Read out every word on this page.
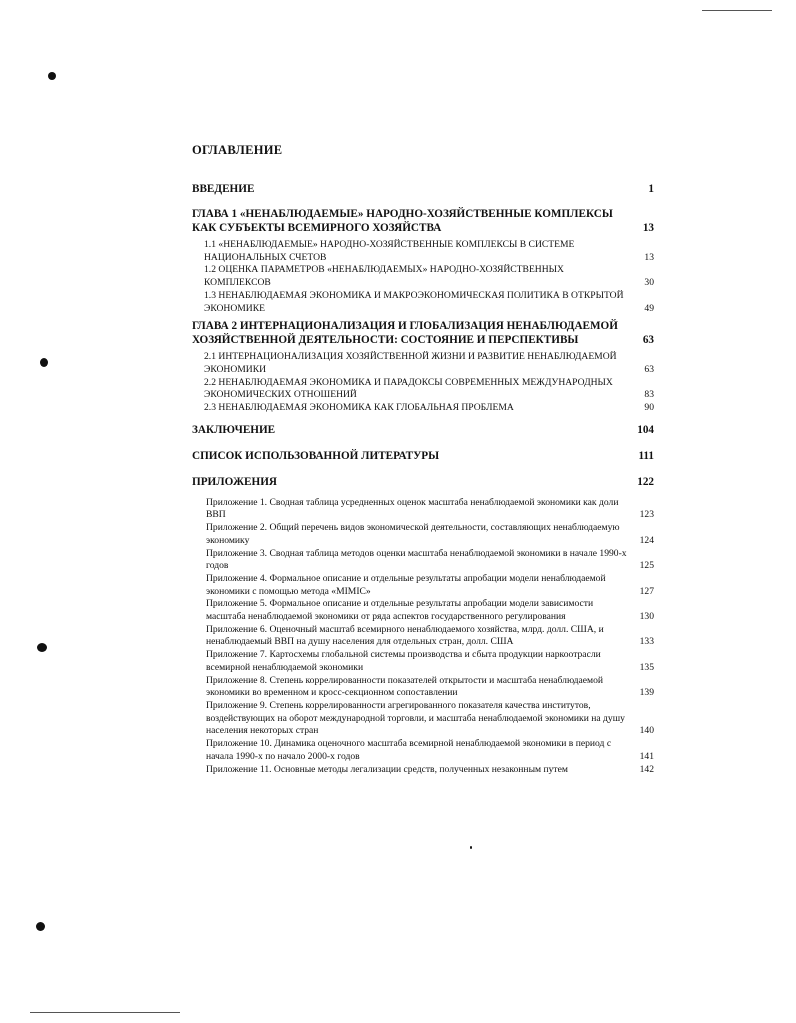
ОГЛАВЛЕНИЕ
ВВЕДЕНИЕ	1
ГЛАВА 1 «НЕНАБЛЮДАЕМЫЕ» НАРОДНО-ХОЗЯЙСТВЕННЫЕ КОМПЛЕКСЫ КАК СУБЪЕКТЫ ВСЕМИРНОГО ХОЗЯЙСТВА	13
1.1 «НЕНАБЛЮДАЕМЫЕ» НАРОДНО-ХОЗЯЙСТВЕННЫЕ КОМПЛЕКСЫ В СИСТЕМЕ НАЦИОНАЛЬНЫХ СЧЕТОВ	13
1.2 ОЦЕНКА ПАРАМЕТРОВ «НЕНАБЛЮДАЕМЫХ» НАРОДНО-ХОЗЯЙСТВЕННЫХ КОМПЛЕКСОВ	30
1.3 НЕНАБЛЮДАЕМАЯ ЭКОНОМИКА И МАКРОЭКОНОМИЧЕСКАЯ ПОЛИТИКА В ОТКРЫТОЙ ЭКОНОМИКЕ	49
ГЛАВА 2 ИНТЕРНАЦИОНАЛИЗАЦИЯ И ГЛОБАЛИЗАЦИЯ НЕНАБЛЮДАЕМОЙ ХОЗЯЙСТВЕННОЙ ДЕЯТЕЛЬНОСТИ: СОСТОЯНИЕ И ПЕРСПЕКТИВЫ	63
2.1 ИНТЕРНАЦИОНАЛИЗАЦИЯ ХОЗЯЙСТВЕННОЙ ЖИЗНИ И РАЗВИТИЕ НЕНАБЛЮДАЕМОЙ ЭКОНОМИКИ	63
2.2 НЕНАБЛЮДАЕМАЯ ЭКОНОМИКА И ПАРАДОКСЫ СОВРЕМЕННЫХ МЕЖДУНАРОДНЫХ ЭКОНОМИЧЕСКИХ ОТНОШЕНИЙ	83
2.3 НЕНАБЛЮДАЕМАЯ ЭКОНОМИКА КАК ГЛОБАЛЬНАЯ ПРОБЛЕМА	90
ЗАКЛЮЧЕНИЕ	104
СПИСОК ИСПОЛЬЗОВАННОЙ ЛИТЕРАТУРЫ	111
ПРИЛОЖЕНИЯ	122
Приложение 1. Сводная таблица усредненных оценок масштаба ненаблюдаемой экономики как доли ВВП	123
Приложение 2. Общий перечень видов экономической деятельности, составляющих ненаблюдаемую экономику	124
Приложение 3. Сводная таблица методов оценки масштаба ненаблюдаемой экономики в начале 1990-х годов	125
Приложение 4. Формальное описание и отдельные результаты апробации модели ненаблюдаемой экономики с помощью метода «MIMIC»	127
Приложение 5. Формальное описание и отдельные результаты апробации модели зависимости масштаба ненаблюдаемой экономики от ряда аспектов государственного регулирования	130
Приложение 6. Оценочный масштаб всемирного ненаблюдаемого хозяйства, млрд. долл. США, и ненаблюдаемый ВВП на душу населения для отдельных стран, долл. США	133
Приложение 7. Картосхемы глобальной системы производства и сбыта продукции наркоотрасли всемирной ненаблюдаемой экономики	135
Приложение 8. Степень коррелированности показателей открытости и масштаба ненаблюдаемой экономики во временном и кросс-секционном сопоставлении	139
Приложение 9. Степень коррелированности агрегированного показателя качества институтов, воздействующих на оборот международной торговли, и масштаба ненаблюдаемой экономики на душу населения некоторых стран	140
Приложение 10. Динамика оценочного масштаба всемирной ненаблюдаемой экономики в период с начала 1990-х по начало 2000-х годов	141
Приложение 11. Основные методы легализации средств, полученных незаконным путем	142
